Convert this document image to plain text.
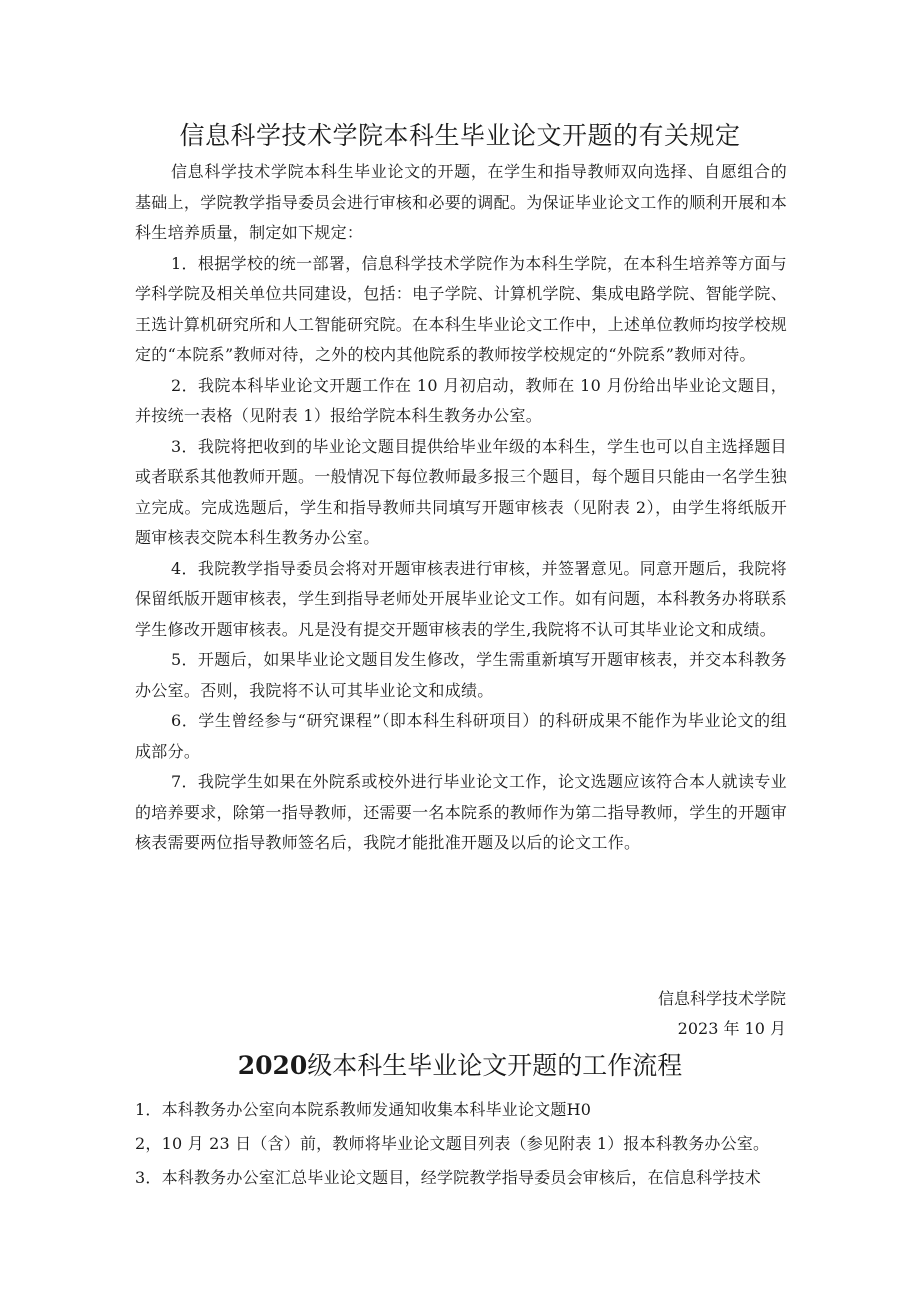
信息科学技术学院本科生毕业论文开题的有关规定

信息科学技术学院本科生毕业论文的开题，在学生和指导教师双向选择、自愿组合的基础上，学院教学指导委员会进行审核和必要的调配。为保证毕业论文工作的顺利开展和本科生培养质量，制定如下规定：

1．根据学校的统一部署，信息科学技术学院作为本科生学院，在本科生培养等方面与学科学院及相关单位共同建设，包括：电子学院、计算机学院、集成电路学院、智能学院、王选计算机研究所和人工智能研究院。在本科生毕业论文工作中，上述单位教师均按学校规定的“本院系”教师对待，之外的校内其他院系的教师按学校规定的“外院系”教师对待。

2．我院本科毕业论文开题工作在 10 月初启动，教师在 10 月份给出毕业论文题目，并按统一表格（见附表 1）报给学院本科生教务办公室。

3．我院将把收到的毕业论文题目提供给毕业年级的本科生，学生也可以自主选择题目或者联系其他教师开题。一般情况下每位教师最多报三个题目，每个题目只能由一名学生独立完成。完成选题后，学生和指导教师共同填写开题审核表（见附表 2），由学生将纸版开题审核表交院本科生教务办公室。

4．我院教学指导委员会将对开题审核表进行审核，并签署意见。同意开题后，我院将保留纸版开题审核表，学生到指导老师处开展毕业论文工作。如有问题，本科教务办将联系学生修改开题审核表。凡是没有提交开题审核表的学生,我院将不认可其毕业论文和成绩。

5．开题后，如果毕业论文题目发生修改，学生需重新填写开题审核表，并交本科教务办公室。否则，我院将不认可其毕业论文和成绩。

6．学生曾经参与“研究课程”（即本科生科研项目）的科研成果不能作为毕业论文的组成部分。

7．我院学生如果在外院系或校外进行毕业论文工作，论文选题应该符合本人就读专业的培养要求，除第一指导教师，还需要一名本院系的教师作为第二指导教师，学生的开题审核表需要两位指导教师签名后，我院才能批准开题及以后的论文工作。

信息科学技术学院
2023 年 10 月
2020级本科生毕业论文开题的工作流程

1．本科教务办公室向本院系教师发通知收集本科毕业论文题H0

2，10 月 23 日（含）前，教师将毕业论文题目列表（参见附表 1）报本科教务办公室。

3．本科教务办公室汇总毕业论文题目，经学院教学指导委员会审核后，在信息科学技术
